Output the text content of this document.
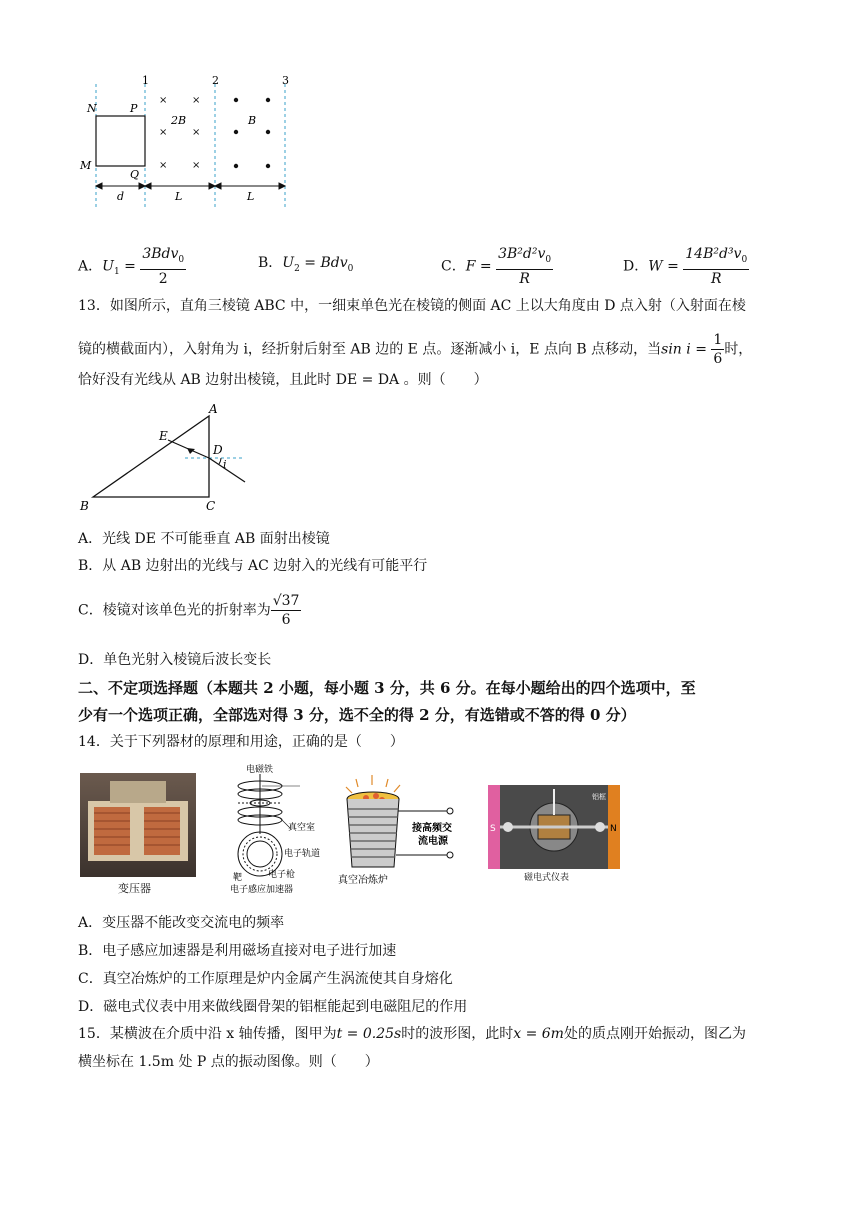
× ×
× ×
× ×
1	2	3
N	P
M
Q
2B	B
d	L	L
A．$U_1 = \frac{3Bdv_0}{2}$	B．$U_2 = Bdv_0$	C．$F = \frac{3B^2d^2v_0}{R}$	D．$W = \frac{14B^2d^3v_0}{R}$
13．如图所示，直角三棱镜 ABC 中，一细束单色光在棱镜的侧面 AC 上以大角度由 D 点入射（入射面在棱
镜的横截面内），入射角为 i，经折射后射至 AB 边的 E 点。逐渐减小 i，E 点向 B 点移动，当$\sin i = \frac{1}{6}$ 时，
恰好没有光线从 AB 边射出棱镜，且此时 DE = DA 。则（　　）
A
E
D
i
B	C
A．光线 DE 不可能垂直 AB 面射出棱镜
B．从 AB 边射出的光线与 AC 边射入的光线有可能平行
C．棱镜对该单色光的折射率为 $\frac{√37}{6}$
D．单色光射入棱镜后波长变长
二、不定项选择题（本题共 2 小题，每小题 3 分，共 6 分。在每小题给出的四个选项中，至
少有一个选项正确，全部选对得 3 分，选不全的得 2 分，有选错或不答的得 0 分）
14．关于下列器材的原理和用途，正确的是（　　）
变压器
电磁铁
真空室
电子轨道
靶	电子枪
电子感应加速器
接高频交
流电源
真空冶炼炉
S	N
铝框
磁电式仪表
A．变压器不能改变交流电的频率
B．电子感应加速器是利用磁场直接对电子进行加速
C．真空冶炼炉的工作原理是炉内金属产生涡流使其自身熔化
D．磁电式仪表中用来做线圈骨架的铝框能起到电磁阻尼的作用
15．某横波在介质中沿 x 轴传播，图甲为t = 0.25s时的波形图，此时x = 6m处的质点刚开始振动，图乙为
横坐标在 1.5m 处 P 点的振动图像。则（　　）
